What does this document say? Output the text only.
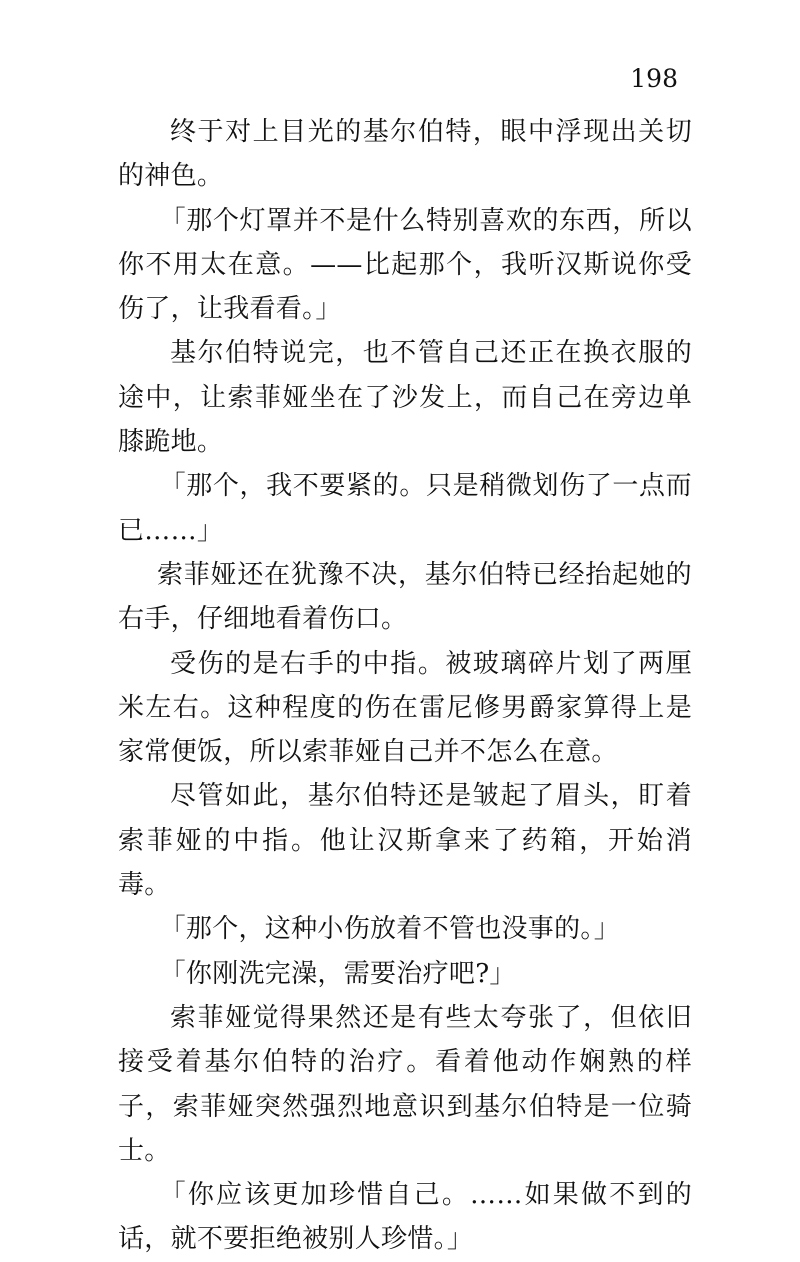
198

终于对上目光的基尔伯特，眼中浮现出关切的神色。

「那个灯罩并不是什么特别喜欢的东西，所以你不用太在意。——比起那个，我听汉斯说你受伤了，让我看看。」

基尔伯特说完，也不管自己还正在换衣服的途中，让索菲娅坐在了沙发上，而自己在旁边单膝跪地。

「那个，我不要紧的。只是稍微划伤了一点而已……」

索菲娅还在犹豫不决，基尔伯特已经抬起她的右手，仔细地看着伤口。

受伤的是右手的中指。被玻璃碎片划了两厘米左右。这种程度的伤在雷尼修男爵家算得上是家常便饭，所以索菲娅自己并不怎么在意。

尽管如此，基尔伯特还是皱起了眉头，盯着索菲娅的中指。他让汉斯拿来了药箱，开始消毒。

「那个，这种小伤放着不管也没事的。」

「你刚洗完澡，需要治疗吧?」

索菲娅觉得果然还是有些太夸张了，但依旧接受着基尔伯特的治疗。看着他动作娴熟的样子，索菲娅突然强烈地意识到基尔伯特是一位骑士。

「你应该更加珍惜自己。……如果做不到的话，就不要拒绝被别人珍惜。」
